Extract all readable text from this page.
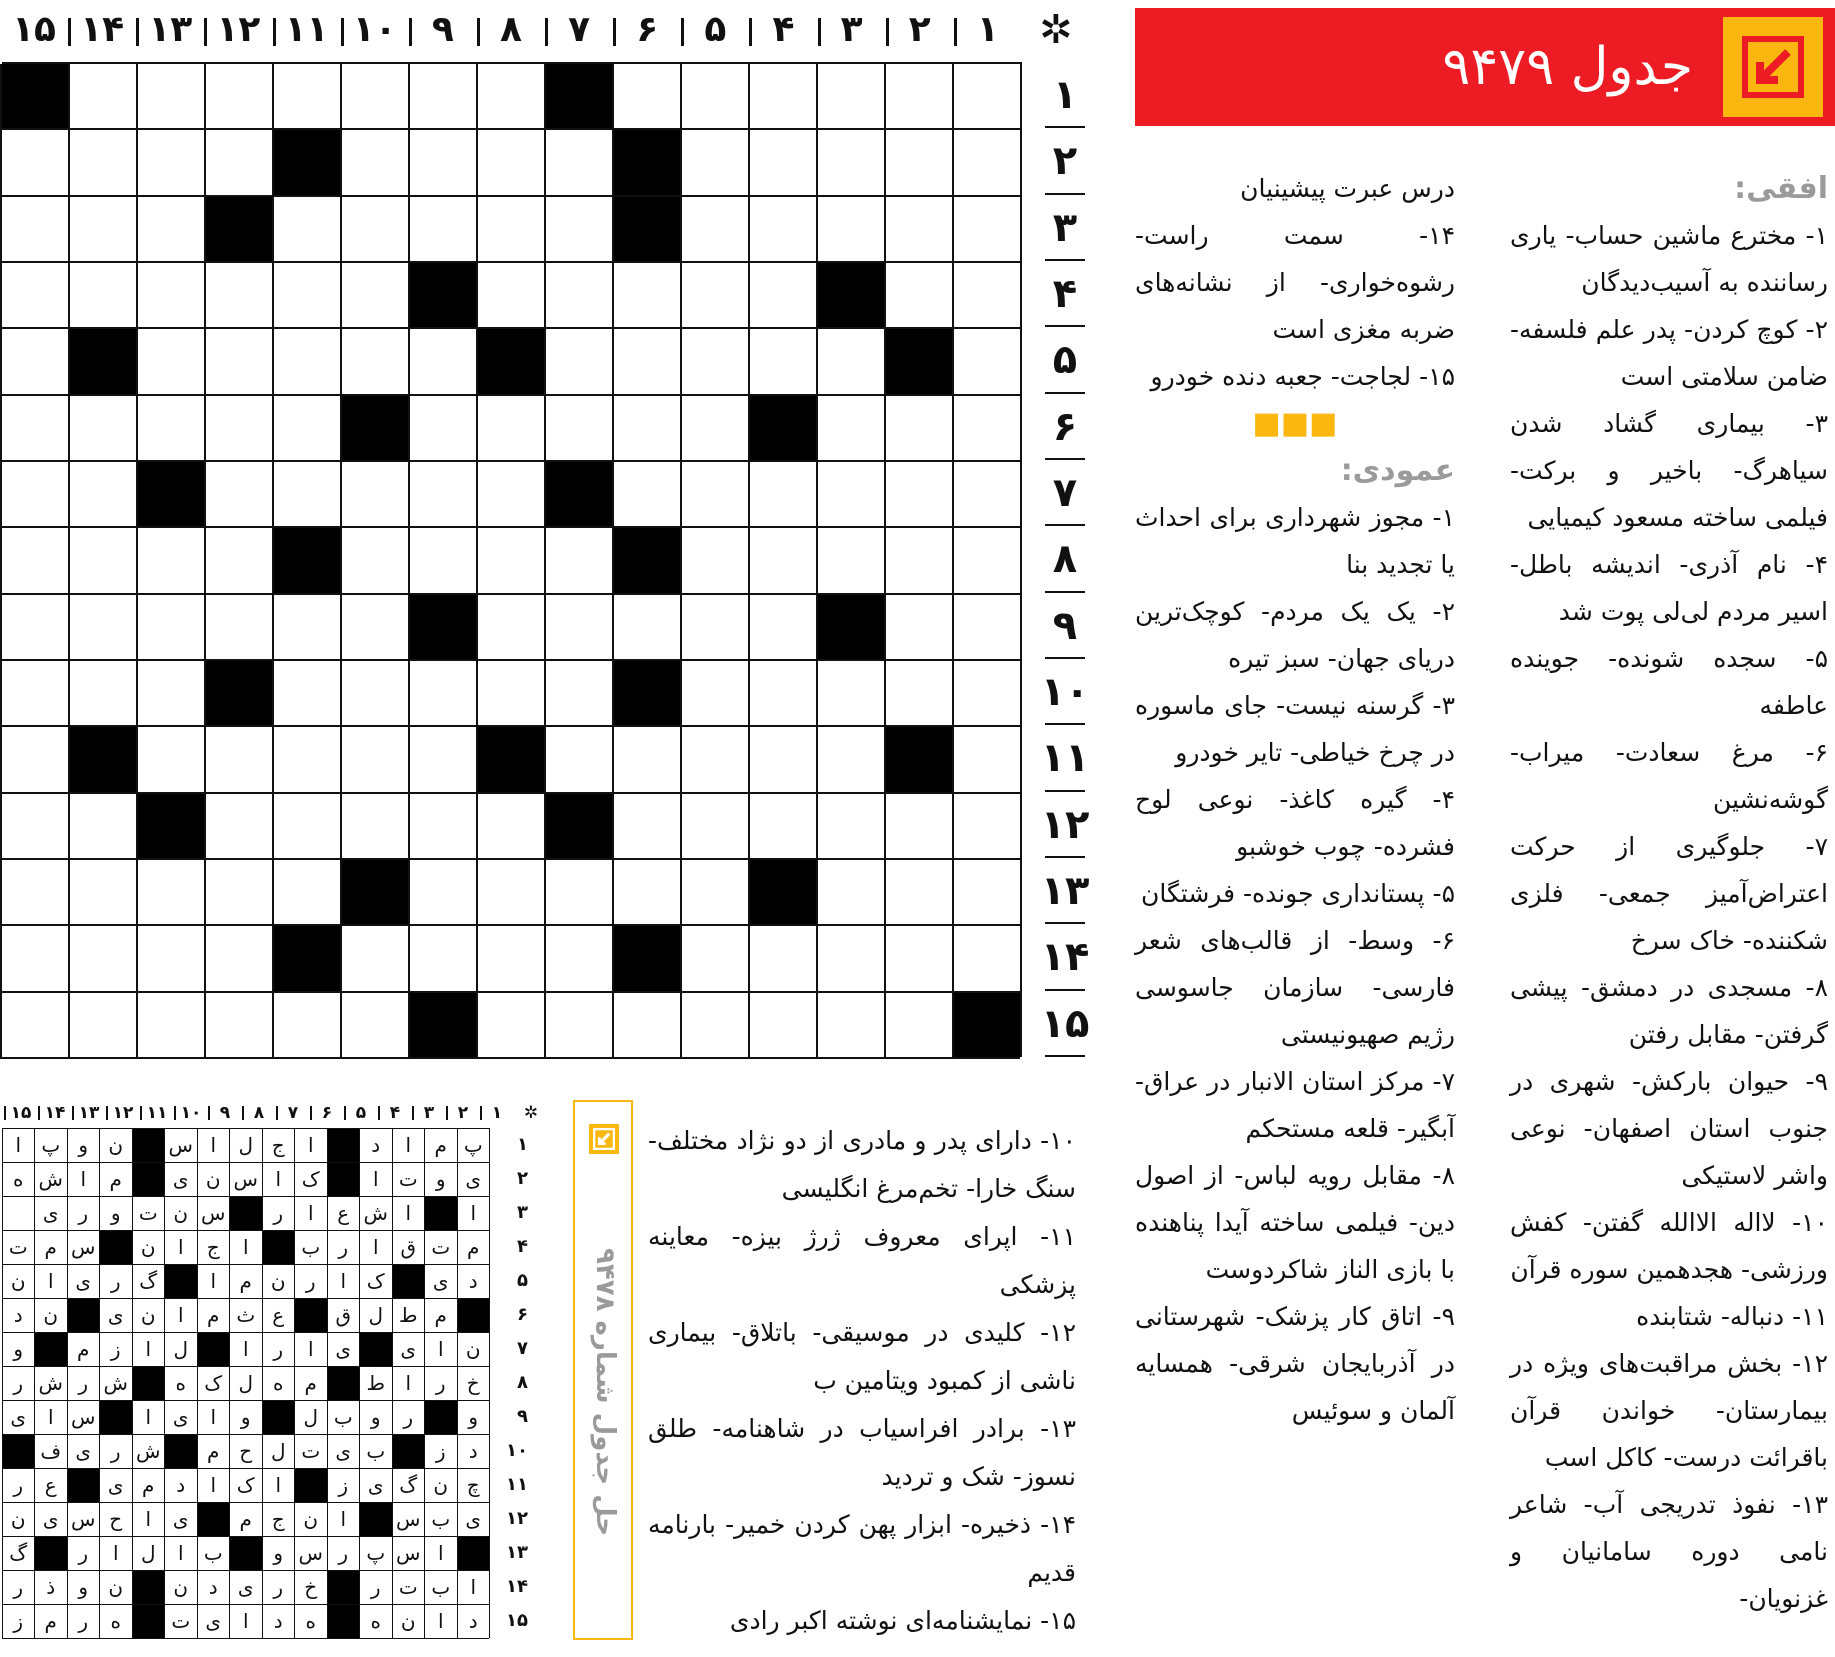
✲
۱
۲
۳
۴
۵
۶
۷
۸
۹
۱۰
۱۱
۱۲
۱۳
۱۴
۱۵
۱
۲
۳
۴
۵
۶
۷
۸
۹
۱۰
۱۱
۱۲
۱۳
۱۴
۱۵
جدول ۹۴۷۹

افقی:

۱- مخترع ماشین حساب- یاری رساننده به آسیب‌دیدگان

۲- کوچ کردن- پدر علم فلسفه- ضامن سلامتی است

۳- بیماری گشاد شدن سیاهرگ- باخیر و برکت- فیلمی ساخته مسعود کیمیایی

۴- نام آذری- اندیشه باطل- اسیر مردم لی‌لی پوت شد

۵- سجده شونده- جوینده عاطفه

۶- مرغ سعادت- میراب- گوشه‌نشین

۷- جلوگیری از حرکت اعتراض‌آمیز جمعی- فلزی شکننده- خاک سرخ

۸- مسجدی در دمشق- پیشی گرفتن- مقابل رفتن

۹- حیوان بارکش- شهری در جنوب استان اصفهان- نوعی واشر لاستیکی

۱۰- لااله الاالله گفتن- کفش ورزشی- هجدهمین سوره قرآن

۱۱- دنباله- شتابنده

۱۲- بخش مراقبت‌های ویژه در بیمارستان- خواندن قرآن باقرائت درست- کاکل اسب

۱۳- نفوذ تدریجی آب- شاعر نامی دوره سامانیان و غزنویان-

درس عبرت پیشینیان

۱۴- سمت راست- رشوه‌خواری- از نشانه‌های ضربه مغزی است

۱۵- لجاجت- جعبه دنده خودرو

■■■

عمودی:

۱- مجوز شهرداری برای احداث یا تجدید بنا

۲- یک یک مردم- کوچک‌ترین دریای جهان- سبز تیره

۳- گرسنه نیست- جای ماسوره در چرخ خیاطی- تایر خودرو

۴- گیره کاغذ- نوعی لوح فشرده- چوب خوشبو

۵- پستانداری جونده- فرشتگان

۶- وسط- از قالب‌های شعر فارسی- سازمان جاسوسی رژیم صهیونیستی

۷- مرکز استان الانبار در عراق- آبگیر- قلعه مستحکم

۸- مقابل رویه لباس- از اصول دین- فیلمی ساخته آیدا پناهنده با بازی الناز شاکردوست

۹- اتاق کار پزشک- شهرستانی در آذربایجان شرقی- همسایه آلمان و سوئیس

۱۰- دارای پدر و مادری از دو نژاد مختلف- سنگ خارا- تخم‌مرغ انگلیسی

۱۱- اپرای معروف ژرژ بیزه- معاینه پزشکی

۱۲- کلیدی در موسیقی- باتلاق- بیماری ناشی از کمبود ویتامین ب

۱۳- برادر افراسیاب در شاهنامه- طلق نسوز- شک و تردید

۱۴- ذخیره- ابزار پهن کردن خمیر- بارنامه قدیم

۱۵- نمایشنامه‌ای نوشته اکبر رادی

حل جدول شماره ۹۴۷۸
✲
۱
۲
۳
۴
۵
۶
۷
۸
۹
۱۰
۱۱
۱۲
۱۳
۱۴
۱۵
پ
م
ا
د
ا
ج
ل
ا
س
ن
و
پ
ا
ی
و
ت
ا
ک
ا
س
ن
ی
م
ا
ش
ه
ا
ا
ش
ع
ا
ر
س
ن
ت
و
ر
ی
م
ت
ق
ا
ر
ب
ا
ج
ا
ن
س
م
ت
د
ی
ک
ا
ر
ن
م
ا
گ
ر
ی
ا
ن
م
ط
ل
ق
ع
ث
م
ا
ن
ی
ن
د
ن
ا
ی
ی
ا
ر
ا
ل
ا
ز
م
و
خ
ر
ا
ط
م
ه
ل
ک
ه
ش
ر
ش
ر
و
ر
و
ب
ل
و
ا
ی
ا
س
ا
ی
د
ز
ب
ی
ت
ل
ح
م
ش
ر
ی
ف
چ
ن
گ
ی
ز
ا
ک
ا
د
م
ی
ع
ر
ی
ب
س
ا
ن
ج
م
ی
ا
ح
س
ی
ن
ا
س
پ
ر
س
و
ب
ا
ل
ا
ر
گ
ا
ب
ت
ر
خ
ر
ی
د
ن
ن
و
ذ
ر
د
ا
ن
ه
ه
د
ا
ی
ت
ه
ر
م
ز
۱
۲
۳
۴
۵
۶
۷
۸
۹
۱۰
۱۱
۱۲
۱۳
۱۴
۱۵
